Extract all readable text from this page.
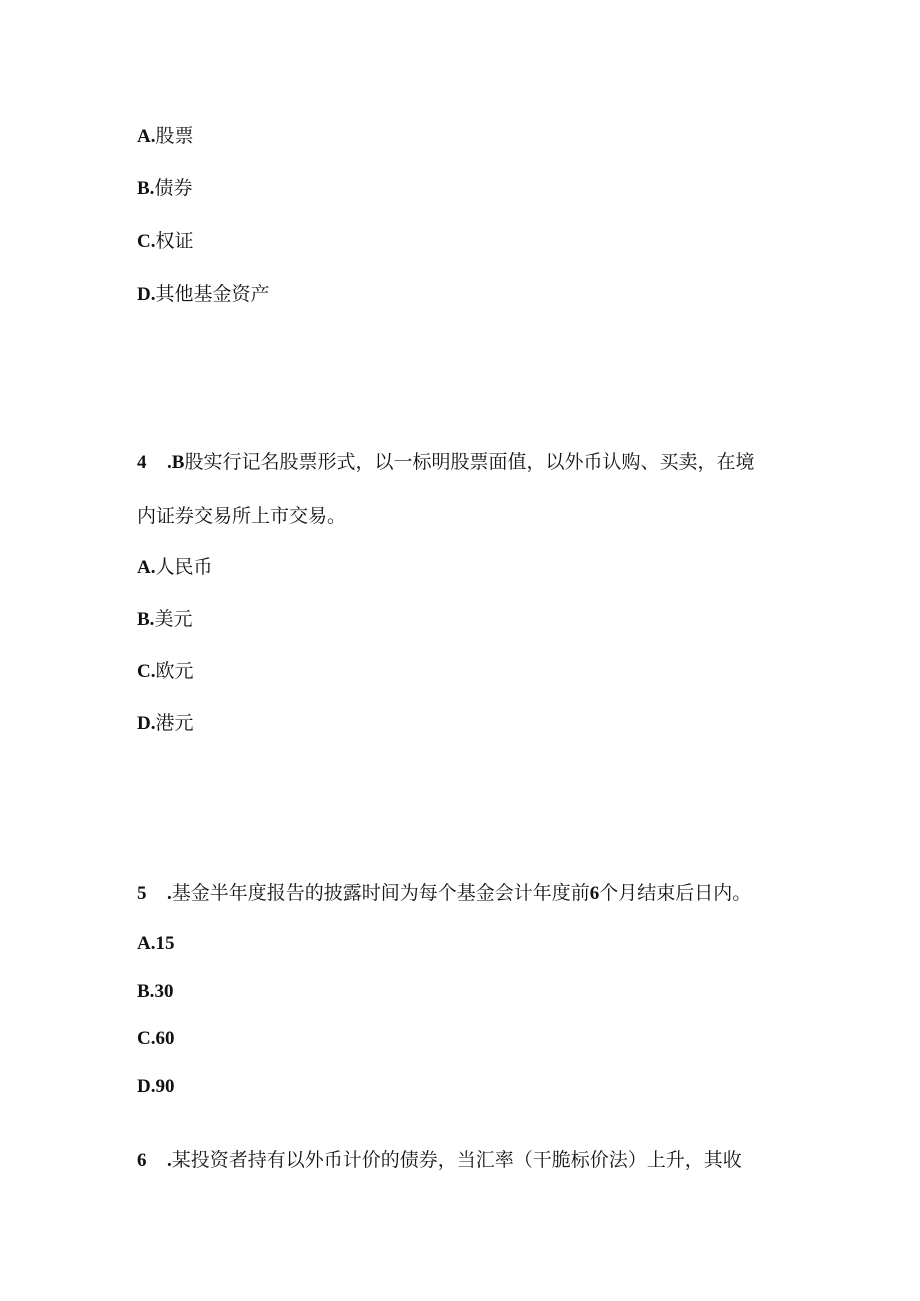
A.股票
B.债券
C.权证
D.其他基金资产
4 .B股实行记名股票形式，以一标明股票面值，以外币认购、买卖，在境
内证券交易所上市交易。
A.人民币
B.美元
C.欧元
D.港元
5 .基金半年度报告的披露时间为每个基金会计年度前6个月结束后日内。
A.15
B.30
C.60
D.90
6 .某投资者持有以外币计价的债券，当汇率（干脆标价法）上升，其收
